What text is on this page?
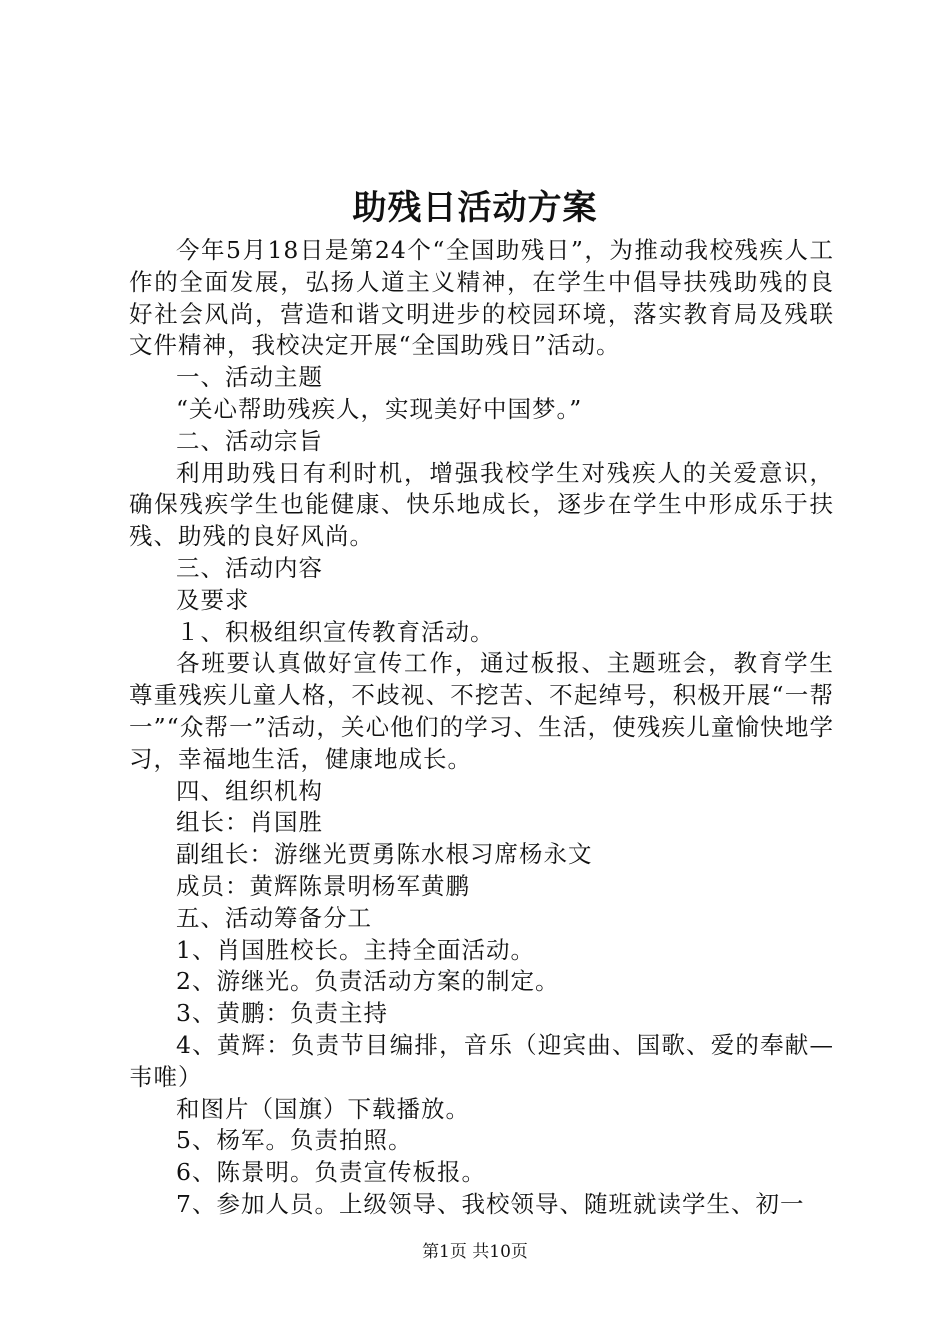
助残日活动方案

今年5月18日是第24个“全国助残日”，为推动我校残疾人工作的全面发展，弘扬人道主义精神，在学生中倡导扶残助残的良好社会风尚，营造和谐文明进步的校园环境，落实教育局及残联文件精神，我校决定开展“全国助残日”活动。

一、活动主题

“关心帮助残疾人，实现美好中国梦。”

二、活动宗旨

利用助残日有利时机，增强我校学生对残疾人的关爱意识，确保残疾学生也能健康、快乐地成长，逐步在学生中形成乐于扶残、助残的良好风尚。

三、活动内容

及要求

１、积极组织宣传教育活动。

各班要认真做好宣传工作，通过板报、主题班会，教育学生尊重残疾儿童人格，不歧视、不挖苦、不起绰号，积极开展“一帮一”“众帮一”活动，关心他们的学习、生活，使残疾儿童愉快地学习，幸福地生活，健康地成长。

四、组织机构

组长：肖国胜

副组长：游继光贾勇陈水根习席杨永文

成员：黄辉陈景明杨军黄鹏

五、活动筹备分工

1、肖国胜校长。主持全面活动。

2、游继光。负责活动方案的制定。

3、黄鹏：负责主持

4、黄辉：负责节目编排，音乐（迎宾曲、国歌、爱的奉献—韦唯）

和图片（国旗）下载播放。

5、杨军。负责拍照。

6、陈景明。负责宣传板报。

7、参加人员。上级领导、我校领导、随班就读学生、初一

第1页 共10页
